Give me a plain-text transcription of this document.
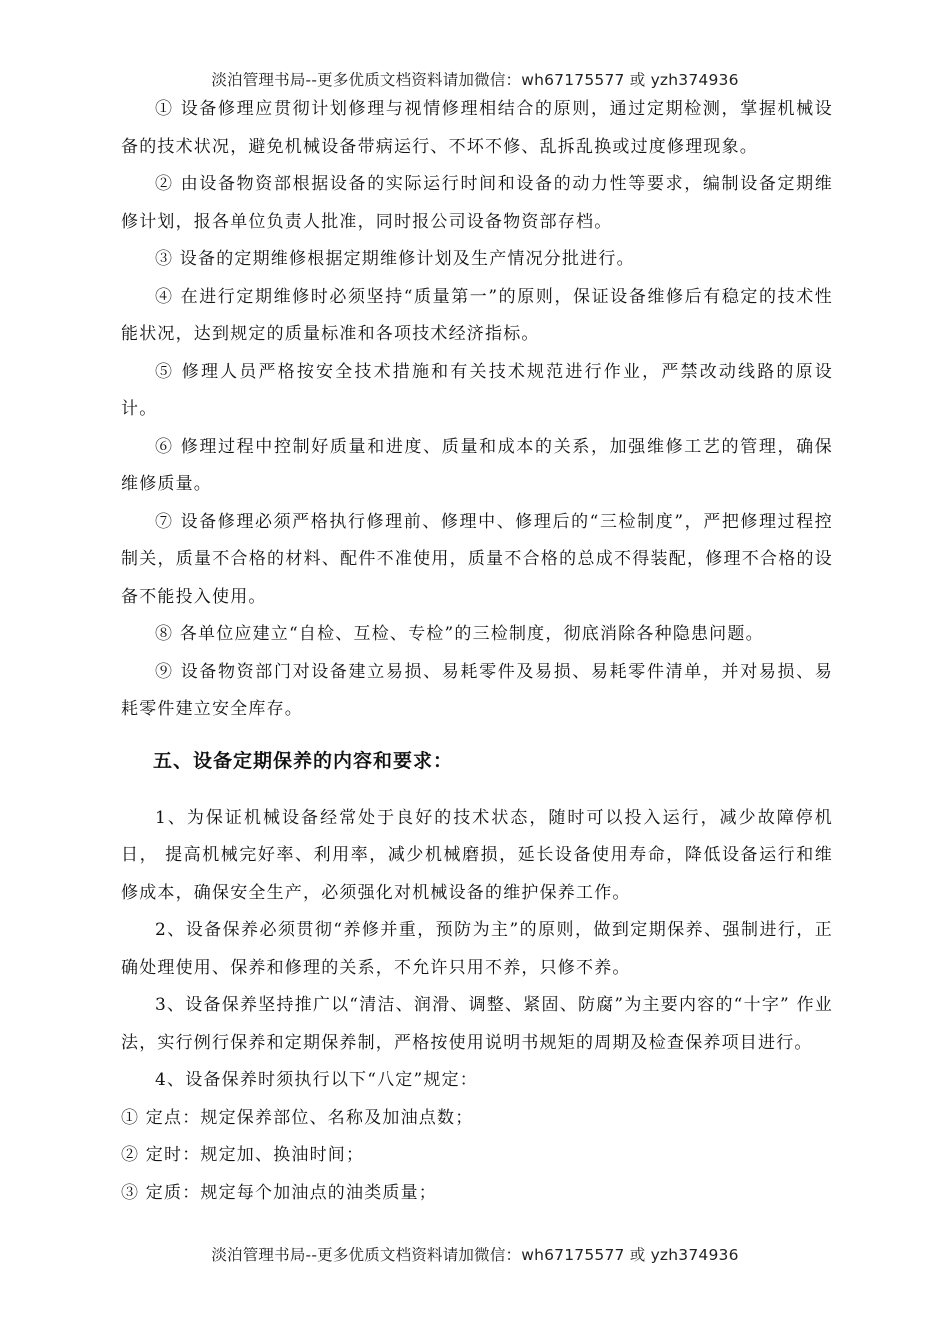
淡泊管理书局--更多优质文档资料请加微信：wh67175577 或 yzh374936

① 设备修理应贯彻计划修理与视情修理相结合的原则，通过定期检测，掌握机械设备的技术状况，避免机械设备带病运行、不坏不修、乱拆乱换或过度修理现象。

② 由设备物资部根据设备的实际运行时间和设备的动力性等要求，编制设备定期维修计划，报各单位负责人批准，同时报公司设备物资部存档。

③ 设备的定期维修根据定期维修计划及生产情况分批进行。

④ 在进行定期维修时必须坚持“质量第一”的原则，保证设备维修后有稳定的技术性能状况，达到规定的质量标准和各项技术经济指标。

⑤ 修理人员严格按安全技术措施和有关技术规范进行作业，严禁改动线路的原设计。

⑥ 修理过程中控制好质量和进度、质量和成本的关系，加强维修工艺的管理，确保维修质量。

⑦ 设备修理必须严格执行修理前、修理中、修理后的“三检制度”，严把修理过程控制关，质量不合格的材料、配件不准使用，质量不合格的总成不得装配，修理不合格的设备不能投入使用。

⑧ 各单位应建立“自检、互检、专检”的三检制度，彻底消除各种隐患问题。

⑨ 设备物资部门对设备建立易损、易耗零件及易损、易耗零件清单，并对易损、易耗零件建立安全库存。

五、设备定期保养的内容和要求：

1、为保证机械设备经常处于良好的技术状态，随时可以投入运行，减少故障停机日， 提高机械完好率、利用率，减少机械磨损，延长设备使用寿命，降低设备运行和维修成本，确保安全生产，必须强化对机械设备的维护保养工作。

2、设备保养必须贯彻“养修并重，预防为主”的原则，做到定期保养、强制进行，正确处理使用、保养和修理的关系，不允许只用不养，只修不养。

3、设备保养坚持推广以“清洁、润滑、调整、紧固、防腐”为主要内容的“十字” 作业法，实行例行保养和定期保养制，严格按使用说明书规矩的周期及检查保养项目进行。

4、设备保养时须执行以下“八定”规定：

① 定点：规定保养部位、名称及加油点数；

② 定时：规定加、换油时间；

③ 定质：规定每个加油点的油类质量；

淡泊管理书局--更多优质文档资料请加微信：wh67175577 或 yzh374936
